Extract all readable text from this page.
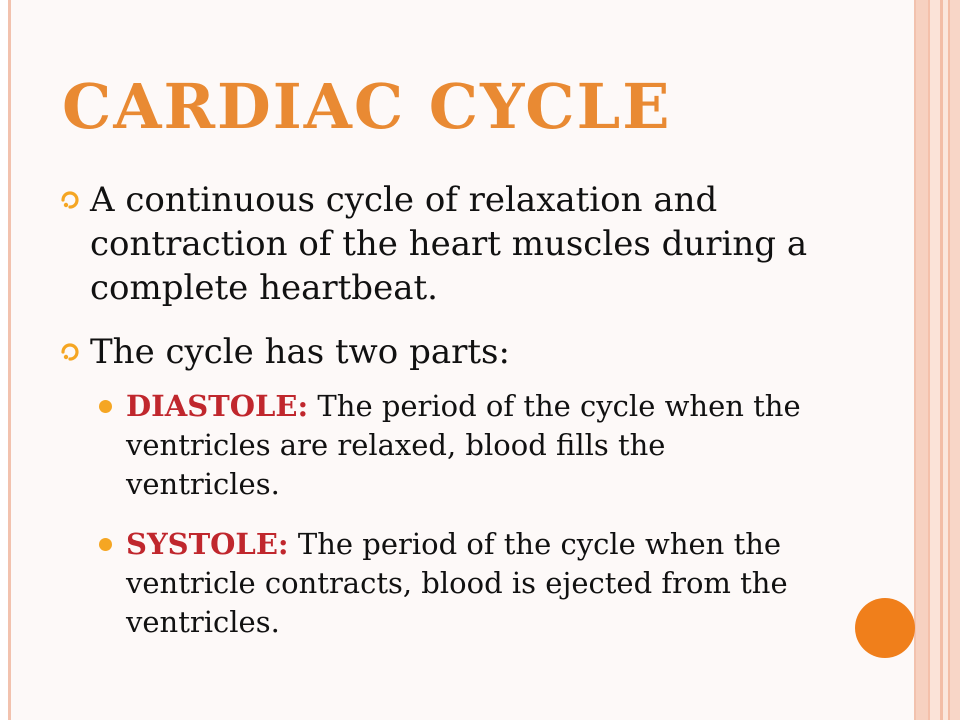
CARDIAC CYCLE
A continuous cycle of relaxation and contraction of the heart muscles during a complete heartbeat.
The cycle has two parts:
DIASTOLE: The period of the cycle when the ventricles are relaxed, blood fills the ventricles.
SYSTOLE: The period of the cycle when the ventricle contracts, blood is ejected from the ventricles.
